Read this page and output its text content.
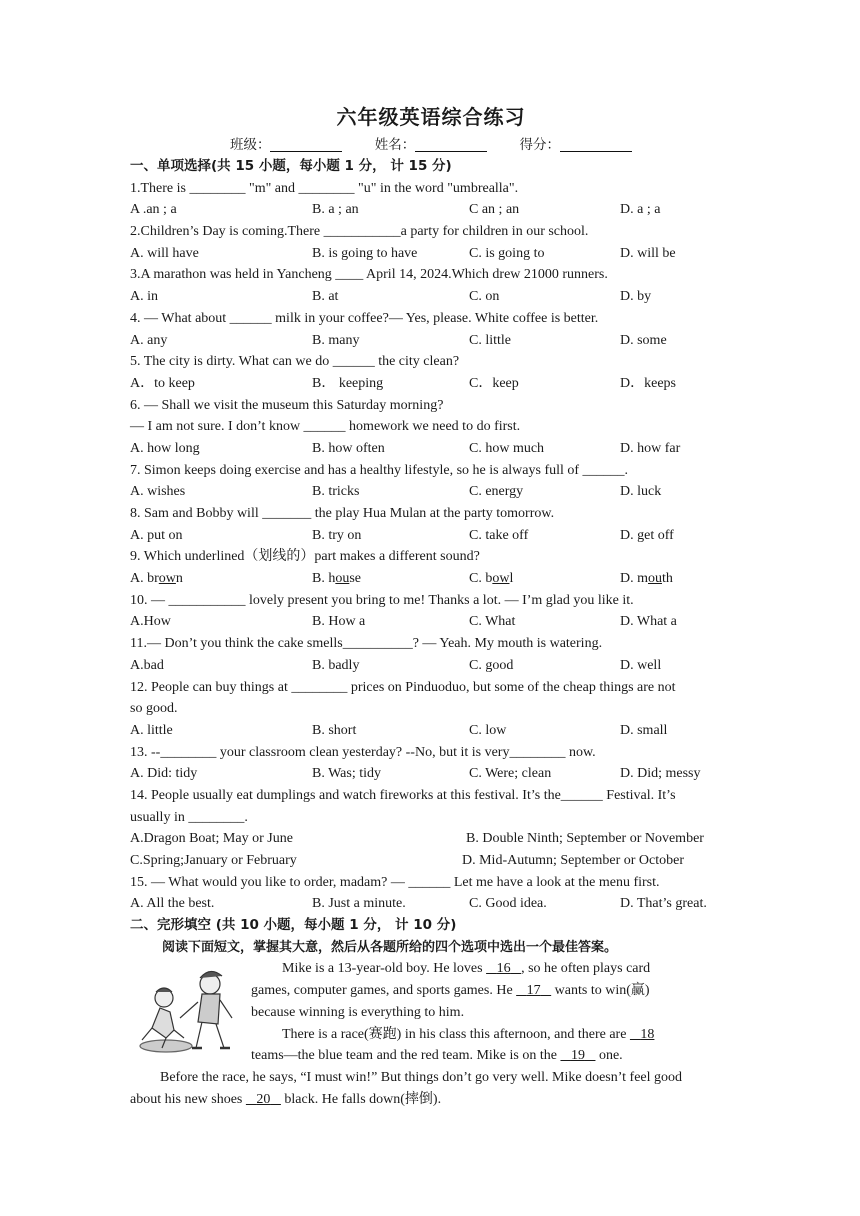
六年级英语综合练习
班级：	姓名：	得分：
一、单项选择(共 15 小题，每小题 1 分， 计 15 分)
1.There is ________ "m" and ________ "u" in the word "umbrealla".
A .an ; a	B. a ; an	C an ; an	D. a ; a
2.Children’s Day is coming.There ___________a party for children in our school.
A. will have	B. is going to have	C. is going to	D. will be
3.A marathon was held in Yancheng ____ April 14, 2024.Which drew 21000 runners.
A. in	B. at	C. on	D. by
4. — What about ______ milk in your coffee?— Yes, please. White coffee is better.
A. any	B. many	C. little	D. some
5. The city is dirty. What can we do ______ the city clean?
A．to keep	B． keeping	C．keep	D．keeps
6. — Shall we visit the museum this Saturday morning?
— I am not sure. I don’t know ______ homework we need to do first.
A. how long	B. how often	C. how much	D. how far
7. Simon keeps doing exercise and has a healthy lifestyle, so he is always full of ______.
A. wishes	B. tricks	C. energy	D. luck
8. Sam and Bobby will _______ the play Hua Mulan at the party tomorrow.
A. put on	B. try on	C. take off	D. get off
9. Which underlined（划线的）part makes a different sound?
A. brown	B. house	C. bowl	D. mouth
10. — ___________ lovely present you bring to me! Thanks a lot. — I’m glad you like it.
A.How	B. How a	C. What	D. What a
11.— Don’t you think the cake smells__________? — Yeah. My mouth is watering.
A.bad	B. badly	C. good	D. well
12. People can buy things at ________ prices on Pinduoduo, but some of the cheap things are not
so good.
A. little	B. short	C. low	D. small
13. --________ your classroom clean yesterday? --No, but it is very________ now.
A. Did: tidy	B. Was; tidy	C. Were; clean	D. Did; messy
14. People usually eat dumplings and watch fireworks at this festival. It’s the______ Festival. It’s
usually in ________.
A.Dragon Boat; May or June	B. Double Ninth; September or November
C.Spring;January or February	D. Mid-Autumn; September or October
15. — What would you like to order, madam? — ______ Let me have a look at the menu first.
A. All the best.	B. Just a minute.	C. Good idea.	D. That’s great.
二、完形填空 (共 10 小题，每小题 1 分， 计 10 分)
阅读下面短文，掌握其大意，然后从各题所给的四个选项中选出一个最佳答案。
Mike is a 13-year-old boy. He loves    16 , so he often plays card
games, computer games, and sports games. He    17    wants to win(赢)
because winning is everything to him.
There is a race(赛跑) in his class this afternoon, and there are    18
teams—the blue team and the red team. Mike is on the    19    one.
Before the race, he says, “I must win!” But things don’t go very well. Mike doesn’t feel good
about his new shoes    20    black. He falls down(摔倒).
